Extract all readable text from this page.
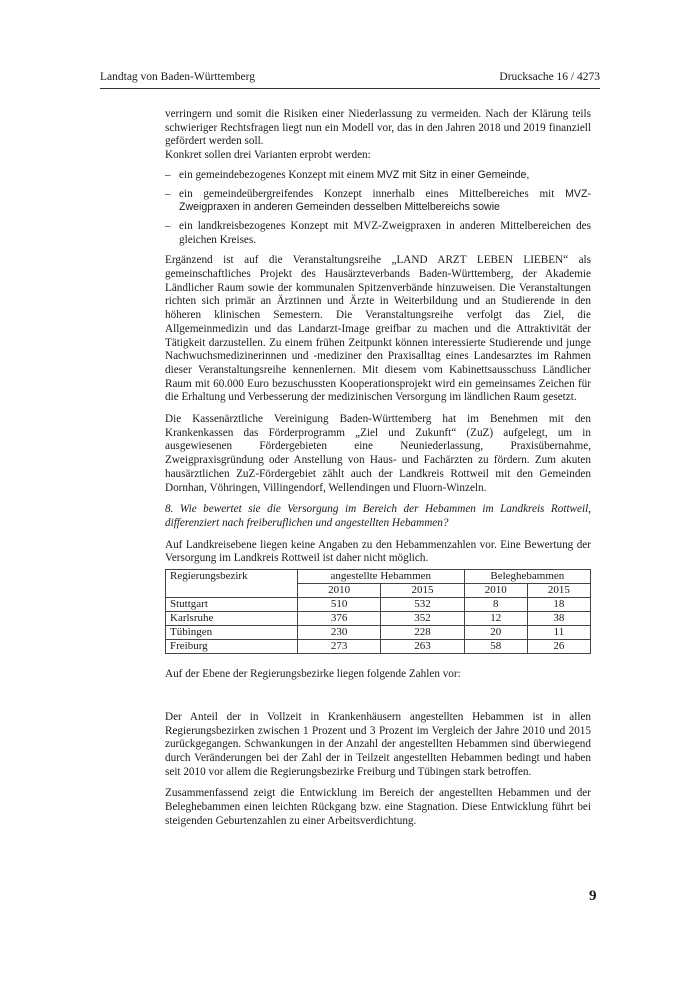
Landtag von Baden-Württemberg	Drucksache 16 / 4273

verringern und somit die Risiken einer Niederlassung zu vermeiden. Nach der Klärung teils schwieriger Rechtsfragen liegt nun ein Modell vor, das in den Jahren 2018 und 2019 finanziell gefördert werden soll.
Konkret sollen drei Varianten erprobt werden:

– ein gemeindebezogenes Konzept mit einem MVZ mit Sitz in einer Gemeinde,
– ein gemeindeübergreifendes Konzept innerhalb eines Mittelbereiches mit MVZ-Zweigpraxen in anderen Gemeinden desselben Mittelbereichs sowie
– ein landkreisbezogenes Konzept mit MVZ-Zweigpraxen in anderen Mittelbereichen des gleichen Kreises.

Ergänzend ist auf die Veranstaltungsreihe „LAND ARZT LEBEN LIEBEN“ als gemeinschaftliches Projekt des Hausärzteverbands Baden-Württemberg, der Akademie Ländlicher Raum sowie der kommunalen Spitzenverbände hinzuweisen. Die Veranstaltungen richten sich primär an Ärztinnen und Ärzte in Weiterbildung und an Studierende in den höheren klinischen Semestern. Die Veranstaltungsreihe verfolgt das Ziel, die Allgemeinmedizin und das Landarzt-Image greifbar zu machen und die Attraktivität der Tätigkeit darzustellen. Zu einem frühen Zeitpunkt können interessierte Studierende und junge Nachwuchsmedizinerinnen und -mediziner den Praxisalltag eines Landesarztes im Rahmen dieser Veranstaltungsreihe kennenlernen. Mit diesem vom Kabinettsausschuss Ländlicher Raum mit 60.000 Euro bezuschussten Kooperationsprojekt wird ein gemeinsames Zeichen für die Erhaltung und Verbesserung der medizinischen Versorgung im ländlichen Raum gesetzt.

Die Kassenärztliche Vereinigung Baden-Württemberg hat im Benehmen mit den Krankenkassen das Förderprogramm „Ziel und Zukunft“ (ZuZ) aufgelegt, um in ausgewiesenen Fördergebieten eine Neuniederlassung, Praxisübernahme, Zweigpraxisgründung oder Anstellung von Haus- und Fachärzten zu fördern. Zum akuten hausärztlichen ZuZ-Fördergebiet zählt auch der Landkreis Rottweil mit den Gemeinden Dornhan, Vöhringen, Villingendorf, Wellendingen und Fluorn-Winzeln.

8. Wie bewertet sie die Versorgung im Bereich der Hebammen im Landkreis Rottweil, differenziert nach freiberuflichen und angestellten Hebammen?

Auf Landkreisebene liegen keine Angaben zu den Hebammenzahlen vor. Eine Bewertung der Versorgung im Landkreis Rottweil ist daher nicht möglich.

Regierungsbezirk	angestellte Hebammen		Beleghebammen	
	2010	2015	2010	2015
Stuttgart	510	532	8	18
Karlsruhe	376	352	12	38
Tübingen	230	228	20	11
Freiburg	273	263	58	26

Auf der Ebene der Regierungsbezirke liegen folgende Zahlen vor:

Der Anteil der in Vollzeit in Krankenhäusern angestellten Hebammen ist in allen Regierungsbezirken zwischen 1 Prozent und 3 Prozent im Vergleich der Jahre 2010 und 2015 zurückgegangen. Schwankungen in der Anzahl der angestellten Hebammen sind überwiegend durch Veränderungen bei der Zahl der in Teilzeit angestellten Hebammen bedingt und haben seit 2010 vor allem die Regierungsbezirke Freiburg und Tübingen stark betroffen.

Zusammenfassend zeigt die Entwicklung im Bereich der angestellten Hebammen und der Beleghebammen einen leichten Rückgang bzw. eine Stagnation. Diese Entwicklung führt bei steigenden Geburtenzahlen zu einer Arbeitsverdichtung.

9
